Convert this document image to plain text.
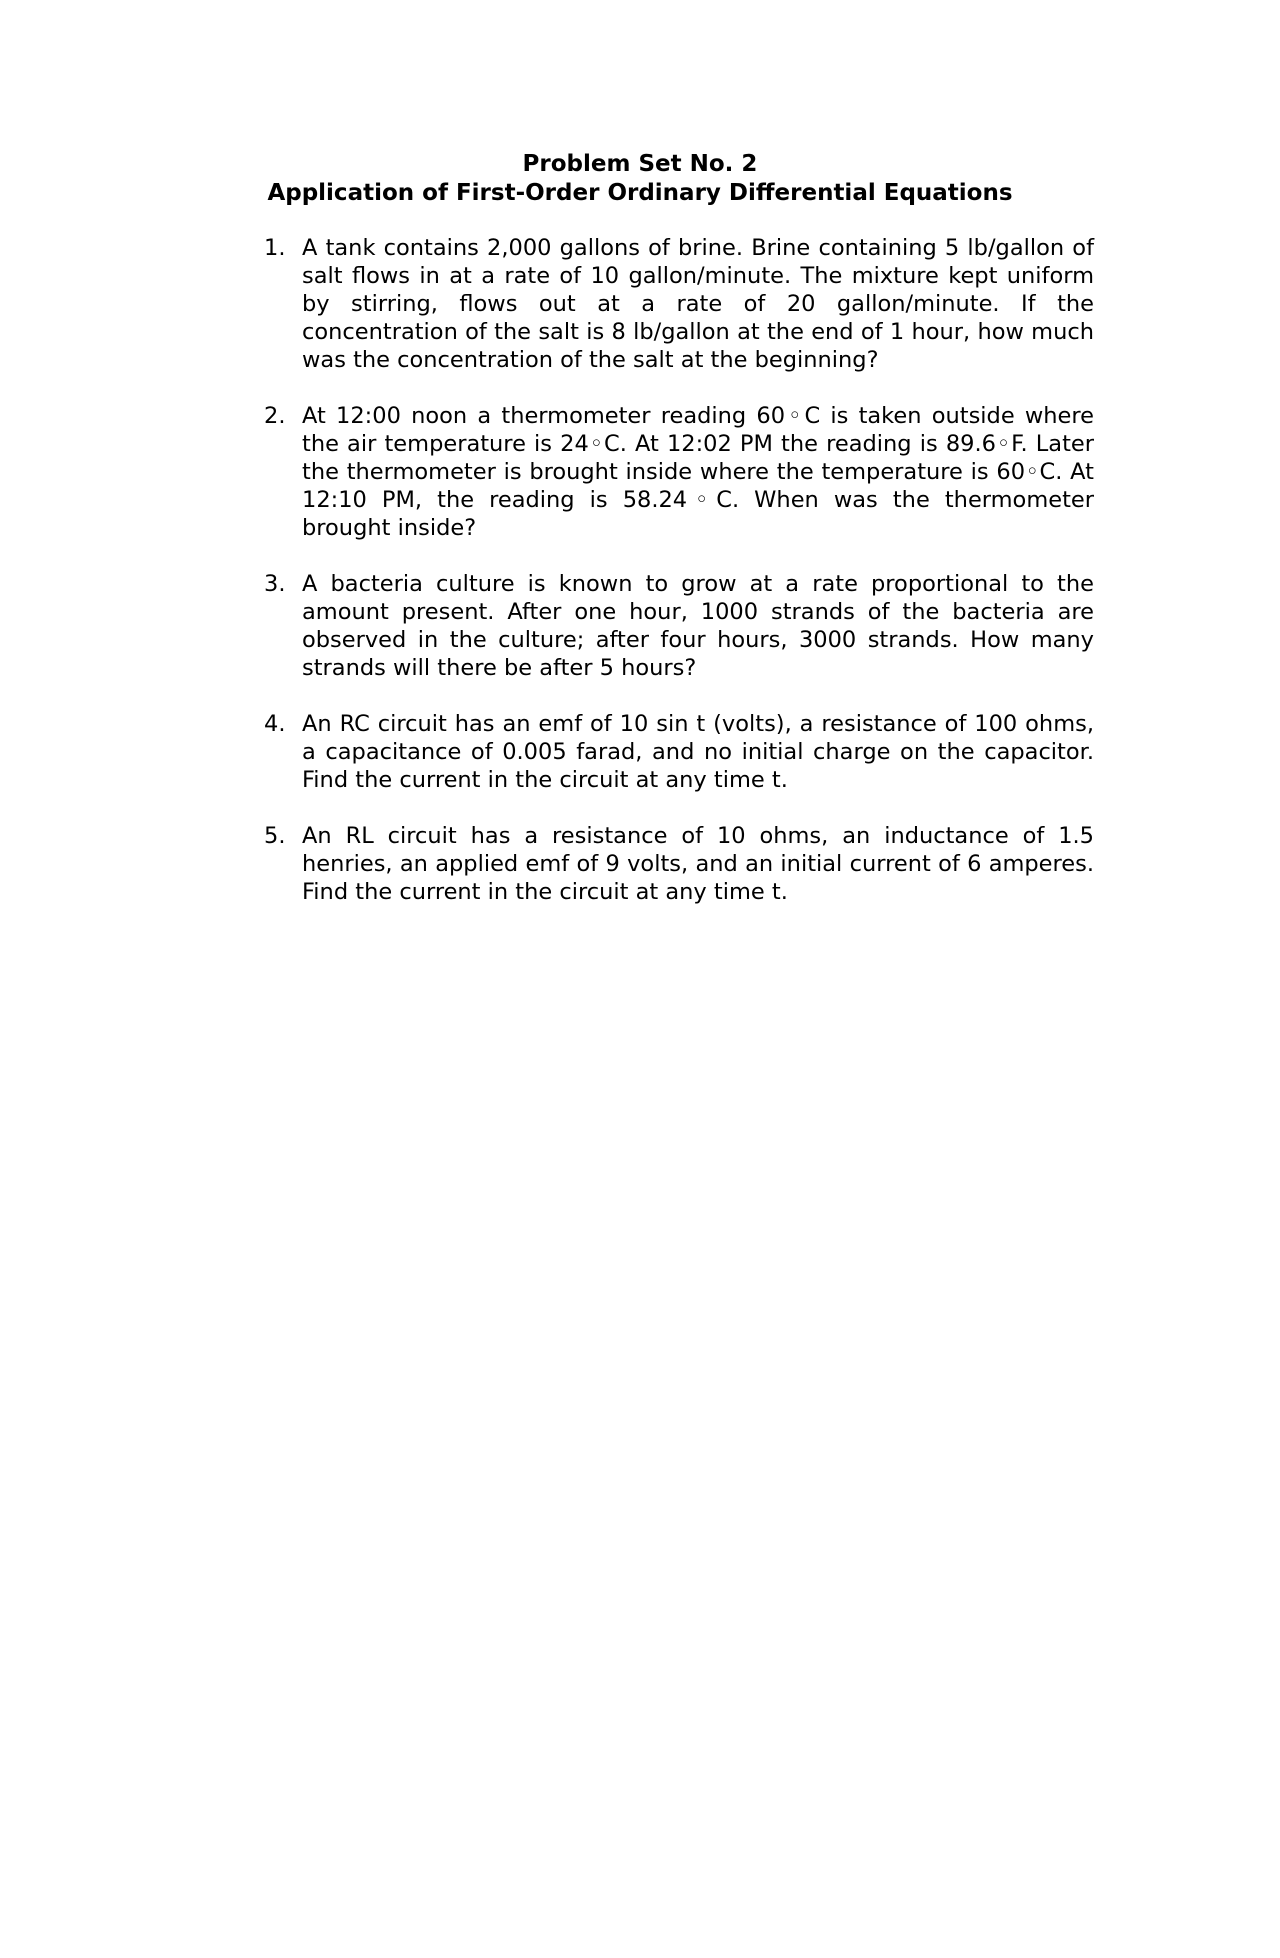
Problem Set No. 2
Application of First-Order Ordinary Differential Equations
1. A tank contains 2,000 gallons of brine. Brine containing 5 lb/gallon of salt flows in at a rate of 10 gallon/minute. The mixture kept uniform by stirring, flows out at a rate of 20 gallon/minute. If the concentration of the salt is 8 lb/gallon at the end of 1 hour, how much was the concentration of the salt at the beginning?
2. At 12:00 noon a thermometer reading 60◦C is taken outside where the air temperature is 24◦C. At 12:02 PM the reading is 89.6◦F. Later the thermometer is brought inside where the temperature is 60◦C. At 12:10 PM, the reading is 58.24◦C. When was the thermometer brought inside?
3. A bacteria culture is known to grow at a rate proportional to the amount present. After one hour, 1000 strands of the bacteria are observed in the culture; after four hours, 3000 strands. How many strands will there be after 5 hours?
4. An RC circuit has an emf of 10 sin t (volts), a resistance of 100 ohms, a capacitance of 0.005 farad, and no initial charge on the capacitor. Find the current in the circuit at any time t.
5. An RL circuit has a resistance of 10 ohms, an inductance of 1.5 henries, an applied emf of 9 volts, and an initial current of 6 amperes. Find the current in the circuit at any time t.
